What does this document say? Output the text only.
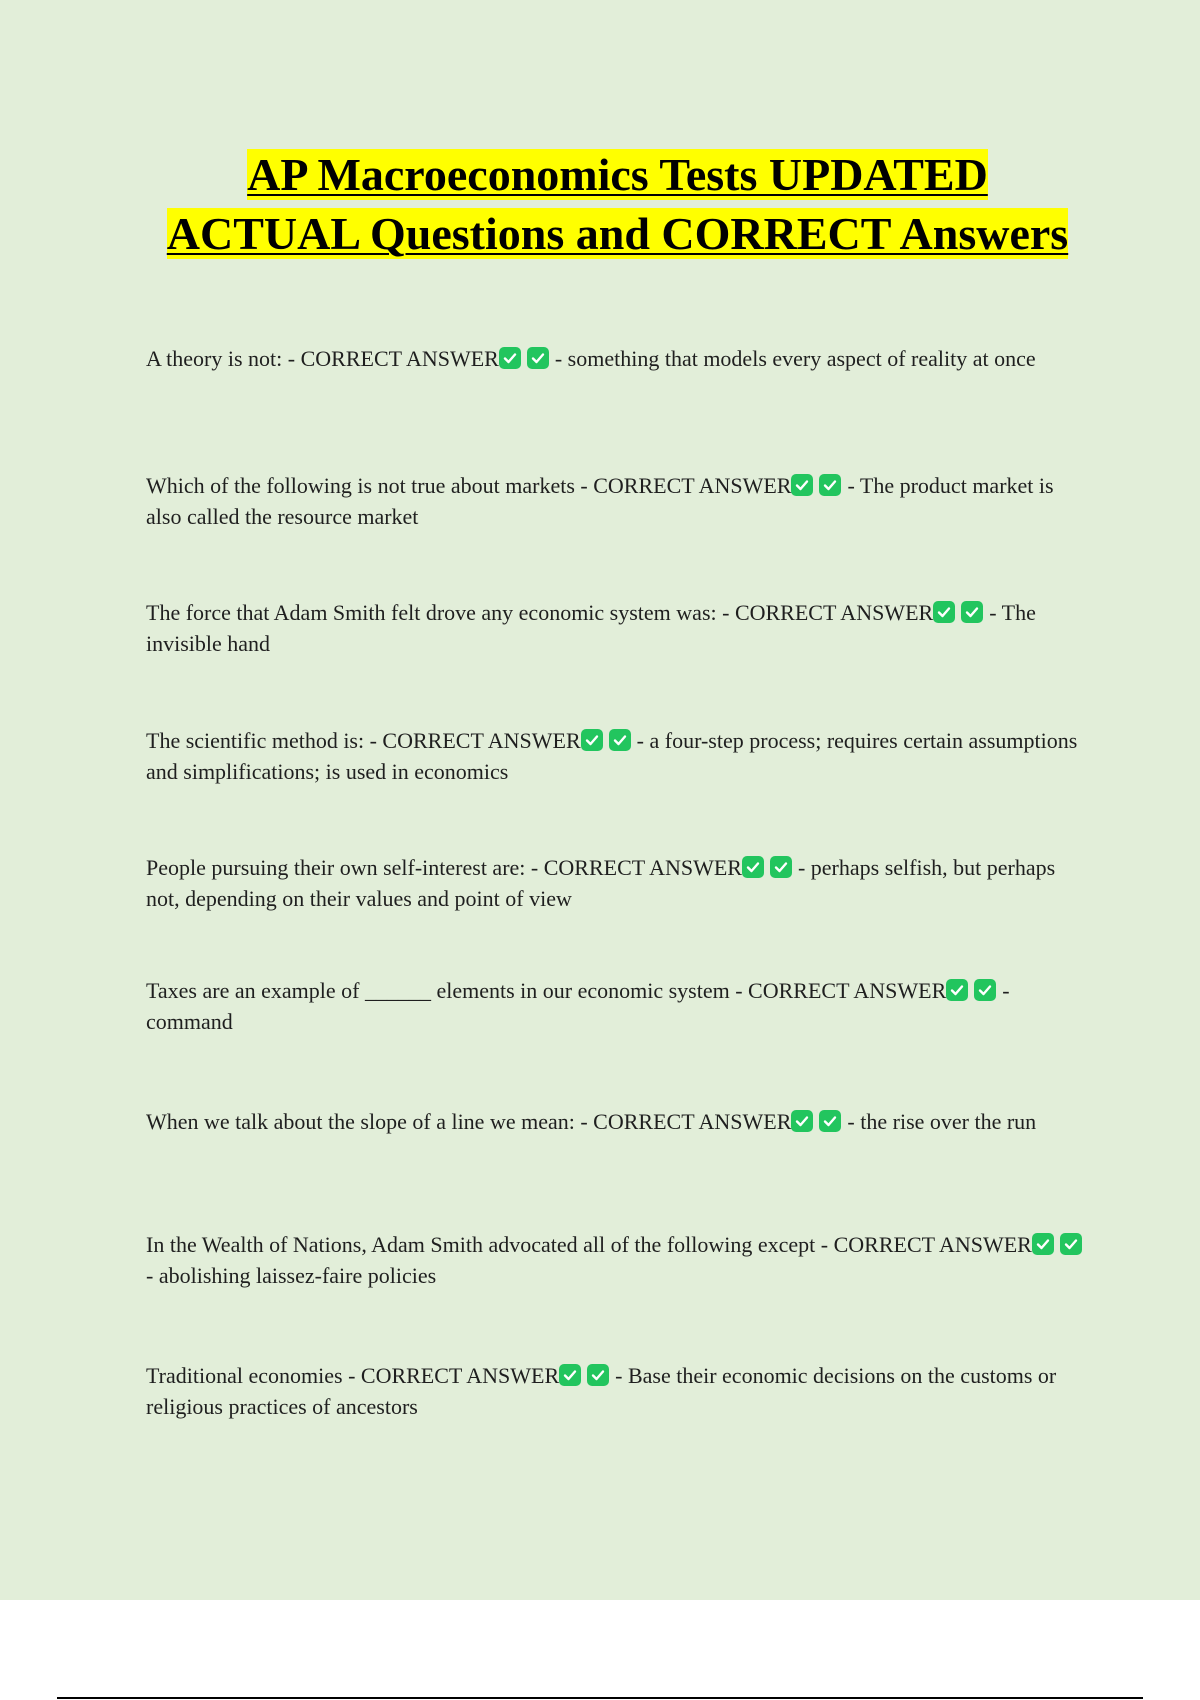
AP Macroeconomics Tests UPDATED ACTUAL Questions and CORRECT Answers
A theory is not: - CORRECT ANSWER	- something that models every aspect of reality at once
Which of the following is not true about markets - CORRECT ANSWER	- The product market is also called the resource market
The force that Adam Smith felt drove any economic system was: - CORRECT ANSWER	- The invisible hand
The scientific method is: - CORRECT ANSWER	- a four-step process; requires certain assumptions and simplifications; is used in economics
People pursuing their own self-interest are: - CORRECT ANSWER	- perhaps selfish, but perhaps not, depending on their values and point of view
Taxes are an example of ______ elements in our economic system - CORRECT ANSWER	- command
When we talk about the slope of a line we mean: - CORRECT ANSWER	- the rise over the run
In the Wealth of Nations, Adam Smith advocated all of the following except - CORRECT ANSWER
- abolishing laissez-faire policies
Traditional economies - CORRECT ANSWER	- Base their economic decisions on the customs or religious practices of ancestors
